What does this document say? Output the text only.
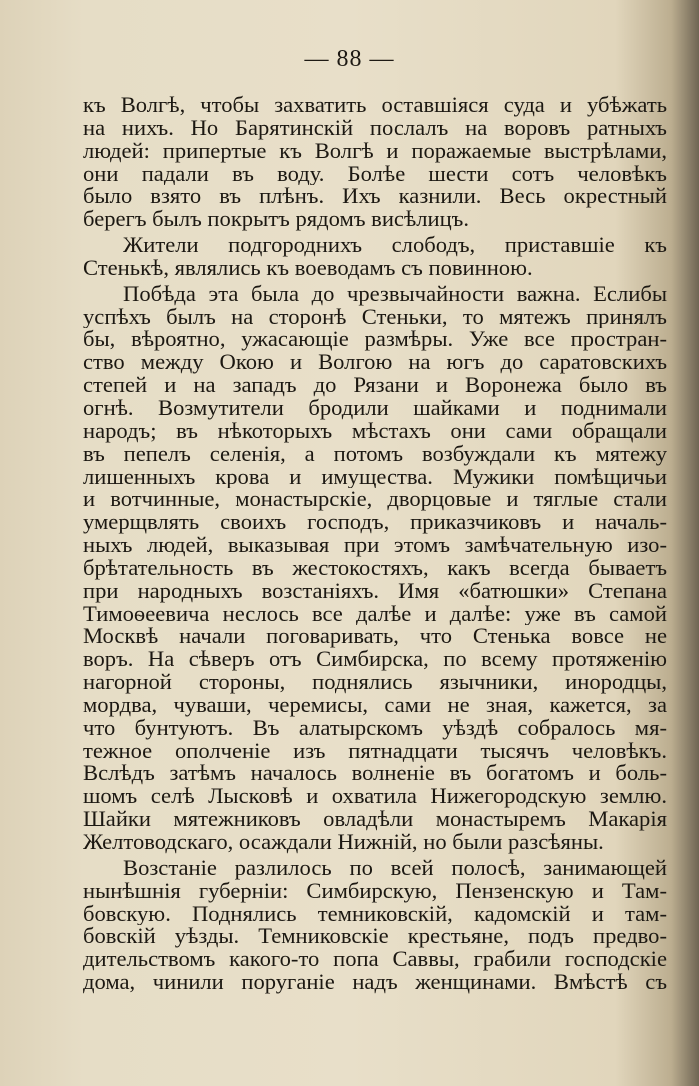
— 88 —
къ Волгѣ, чтобы захватить оставшіяся суда и убѣжать
на нихъ. Но Барятинскій послалъ на воровъ ратныхъ
людей: припертые къ Волгѣ и поражаемые выстрѣлами,
они падали въ воду. Болѣе шести сотъ человѣкъ
было взято въ плѣнъ. Ихъ казнили. Весь окрестный
берегъ былъ покрытъ рядомъ висѣлицъ.
Жители подгороднихъ слободъ, приставшіе къ
Стенькѣ, являлись къ воеводамъ съ повинною.
Побѣда эта была до чрезвычайности важна. Еслибы
успѣхъ былъ на сторонѣ Стеньки, то мятежъ принялъ
бы, вѣроятно, ужасающіе размѣры. Уже все простран-
ство между Окою и Волгою на югъ до саратовскихъ
степей и на западъ до Рязани и Воронежа было въ
огнѣ. Возмутители бродили шайками и поднимали
народъ; въ нѣкоторыхъ мѣстахъ они сами обращали
въ пепелъ селенія, а потомъ возбуждали къ мятежу
лишенныхъ крова и имущества. Мужики помѣщичьи
и вотчинные, монастырскіе, дворцовые и тяглые стали
умерщвлять своихъ господъ, приказчиковъ и началь-
ныхъ людей, выказывая при этомъ замѣчательную изо-
брѣтательность въ жестокостяхъ, какъ всегда бываетъ
при народныхъ возстаніяхъ. Имя «батюшки» Степана
Тимоѳеевича неслось все далѣе и далѣе: уже въ самой
Москвѣ начали поговаривать, что Стенька вовсе не
воръ. На сѣверъ отъ Симбирска, по всему протяженію
нагорной стороны, поднялись язычники, инородцы,
мордва, чуваши, черемисы, сами не зная, кажется, за
что бунтуютъ. Въ алатырскомъ уѣздѣ собралось мя-
тежное ополченіе изъ пятнадцати тысячъ человѣкъ.
Вслѣдъ затѣмъ началось волненіе въ богатомъ и боль-
шомъ селѣ Лысковѣ и охватила Нижегородскую землю.
Шайки мятежниковъ овладѣли монастыремъ Макарія
Желтоводскаго, осаждали Нижній, но были разсѣяны.
Возстаніе разлилось по всей полосѣ, занимающей
нынѣшнія губерніи: Симбирскую, Пензенскую и Там-
бовскую. Поднялись темниковскій, кадомскій и там-
бовскій уѣзды. Темниковскіе крестьяне, подъ предво-
дительствомъ какого-то попа Саввы, грабили господскіе
дома, чинили поруганіе надъ женщинами. Вмѣстѣ съ
